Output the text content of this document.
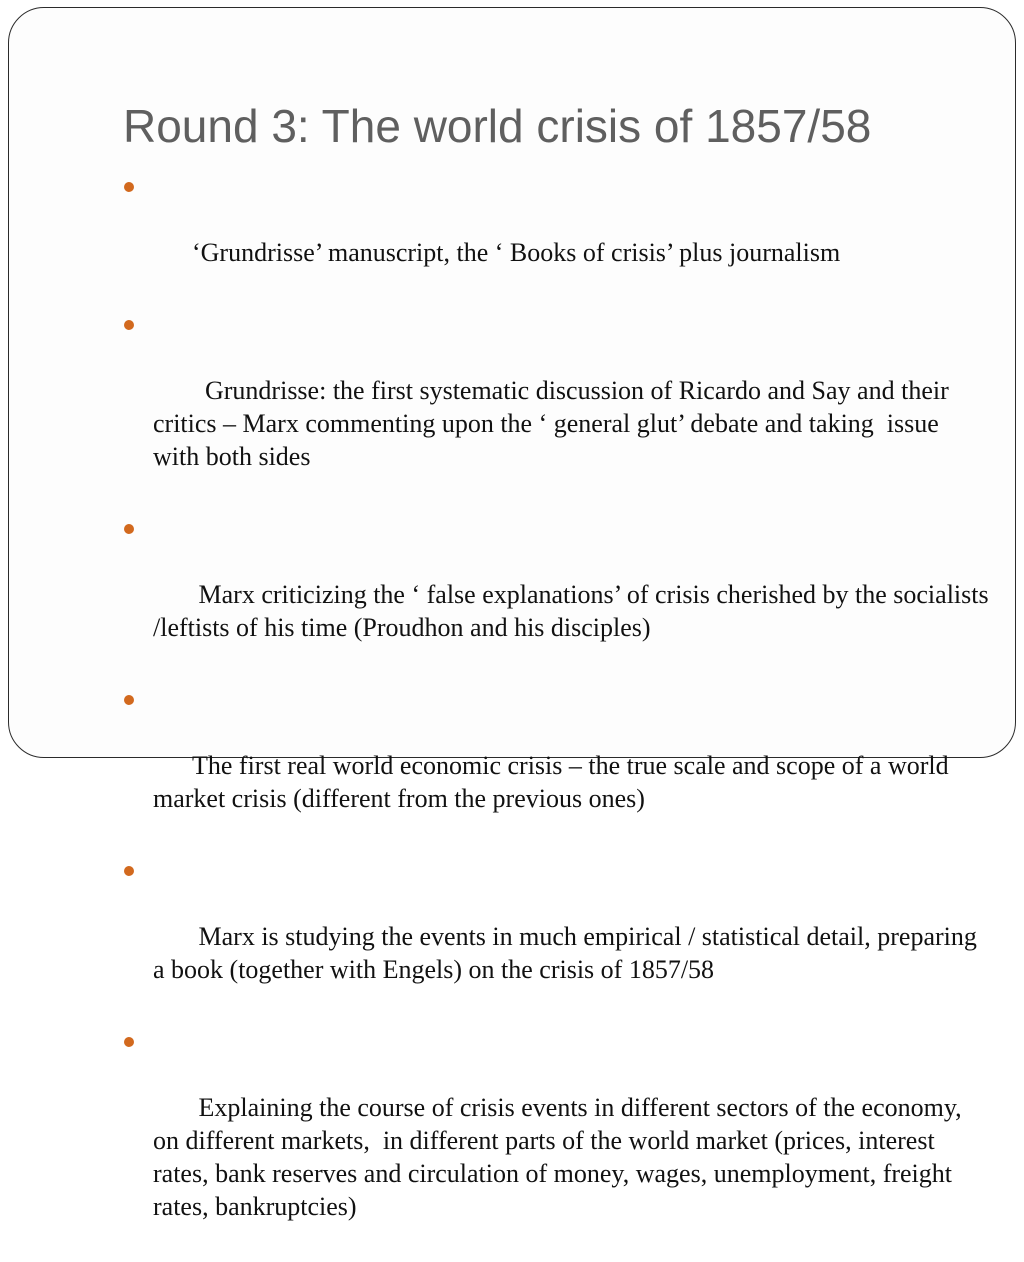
Round 3: The world crisis of 1857/58

‘Grundrisse’ manuscript, the ‘ Books of crisis’ plus journalism

Grundrisse: the first systematic discussion of Ricardo and Say and their critics – Marx commenting upon the ‘ general glut’ debate and taking  issue with both sides

Marx criticizing the ‘ false explanations’ of crisis cherished by the socialists /leftists of his time (Proudhon and his disciples)

The first real world economic crisis – the true scale and scope of a world market crisis (different from the previous ones)

Marx is studying the events in much empirical / statistical detail, preparing a book (together with Engels) on the crisis of 1857/58

Explaining the course of crisis events in different sectors of the economy, on different markets,  in different parts of the world market (prices, interest rates, bank reserves and circulation of money, wages, unemployment, freight rates, bankruptcies)
